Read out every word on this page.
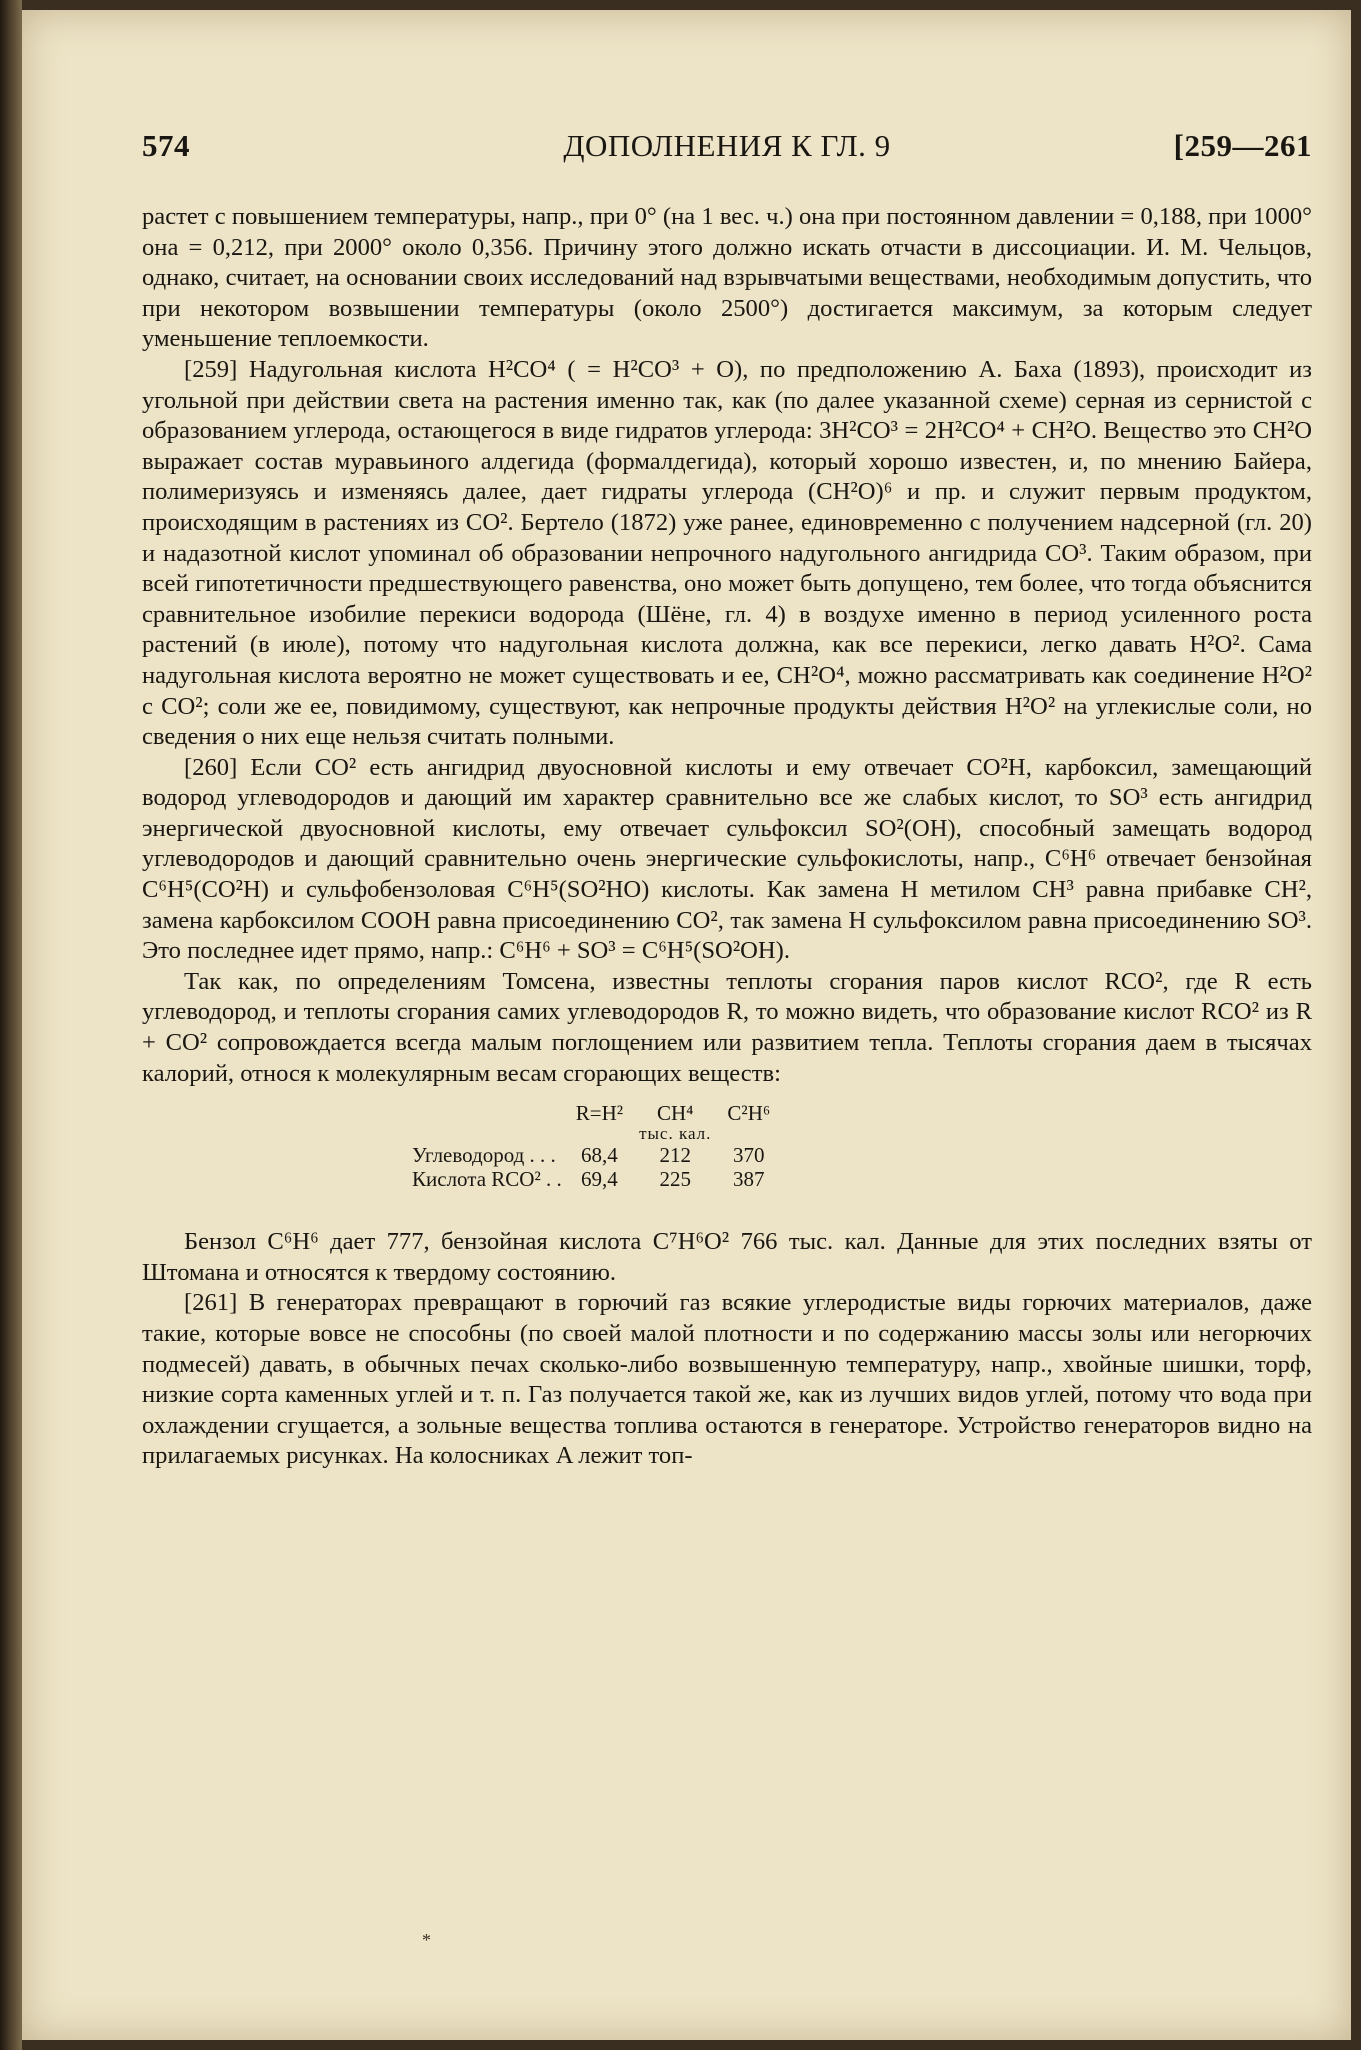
574	ДОПОЛНЕНИЯ К ГЛ. 9	[259—261

растет с повышением температуры, напр., при 0° (на 1 вес. ч.) она при постоянном давлении = 0,188, при 1000° она = 0,212, при 2000° около 0,356. Причину этого должно искать отчасти в диссоциации. И. М. Чельцов, однако, считает, на основании своих исследований над взрывчатыми веществами, необходимым допустить, что при некотором возвышении температуры (около 2500°) достигается максимум, за которым следует уменьшение теплоемкости.

[259] Надугольная кислота H²CO⁴ ( = H²CO³ + O), по предположению А. Баха (1893), происходит из угольной при действии света на растения именно так, как (по далее указанной схеме) серная из сернистой с образованием углерода, остающегося в виде гидратов углерода: 3H²CO³ = 2H²CO⁴ + CH²O. Вещество это CH²O выражает состав муравьиного алдегида (формалдегида), который хорошо известен, и, по мнению Байера, полимеризуясь и изменяясь далее, дает гидраты углерода (CH²O)⁶ и пр. и служит первым продуктом, происходящим в растениях из CO². Бертело (1872) уже ранее, единовременно с получением надсерной (гл. 20) и надазотной кислот упоминал об образовании непрочного надугольного ангидрида CO³. Таким образом, при всей гипотетичности предшествующего равенства, оно может быть допущено, тем более, что тогда объяснится сравнительное изобилие перекиси водорода (Шёне, гл. 4) в воздухе именно в период усиленного роста растений (в июле), потому что надугольная кислота должна, как все перекиси, легко давать H²O². Сама надугольная кислота вероятно не может существовать и ее, CH²O⁴, можно рассматривать как соединение H²O² с CO²; соли же ее, повидимому, существуют, как непрочные продукты действия H²O² на углекислые соли, но сведения о них еще нельзя считать полными.

[260] Если CO² есть ангидрид двуосновной кислоты и ему отвечает CO²H, карбоксил, замещающий водород углеводородов и дающий им характер сравнительно все же слабых кислот, то SO³ есть ангидрид энергической двуосновной кислоты, ему отвечает сульфоксил SO²(OH), способный замещать водород углеводородов и дающий сравнительно очень энергические сульфокислоты, напр., C⁶H⁶ отвечает бензойная C⁶H⁵(CO²H) и сульфобензоловая C⁶H⁵(SO²HO) кислоты. Как замена H метилом CH³ равна прибавке CH², замена карбоксилом COOH равна присоединению CO², так замена H сульфоксилом равна присоединению SO³. Это последнее идет прямо, напр.: C⁶H⁶ + SO³ = C⁶H⁵(SO²OH).

Так как, по определениям Томсена, известны теплоты сгорания паров кислот RCO², где R есть углеводород, и теплоты сгорания самих углеводородов R, то можно видеть, что образование кислот RCO² из R + CO² сопровождается всегда малым поглощением или развитием тепла. Теплоты сгорания даем в тысячах калорий, относя к молекулярным весам сгорающих веществ:

	R=H²	CH⁴	C²H⁶
		тыс. кал.	
Углеводород . . .	68,4	212	370
Кислота RCO² . .	69,4	225	387

Бензол C⁶H⁶ дает 777, бензойная кислота C⁷H⁶O² 766 тыс. кал. Данные для этих последних взяты от Штомана и относятся к твердому состоянию.

[261] В генераторах превращают в горючий газ всякие углеродистые виды горючих материалов, даже такие, которые вовсе не способны (по своей малой плотности и по содержанию массы золы или негорючих подмесей) давать, в обычных печах сколько-либо возвышенную температуру, напр., хвойные шишки, торф, низкие сорта каменных углей и т. п. Газ получается такой же, как из лучших видов углей, потому что вода при охлаждении сгущается, а зольные вещества топлива остаются в генераторе. Устройство генераторов видно на прилагаемых рисунках. На колосниках A лежит топ-

*
